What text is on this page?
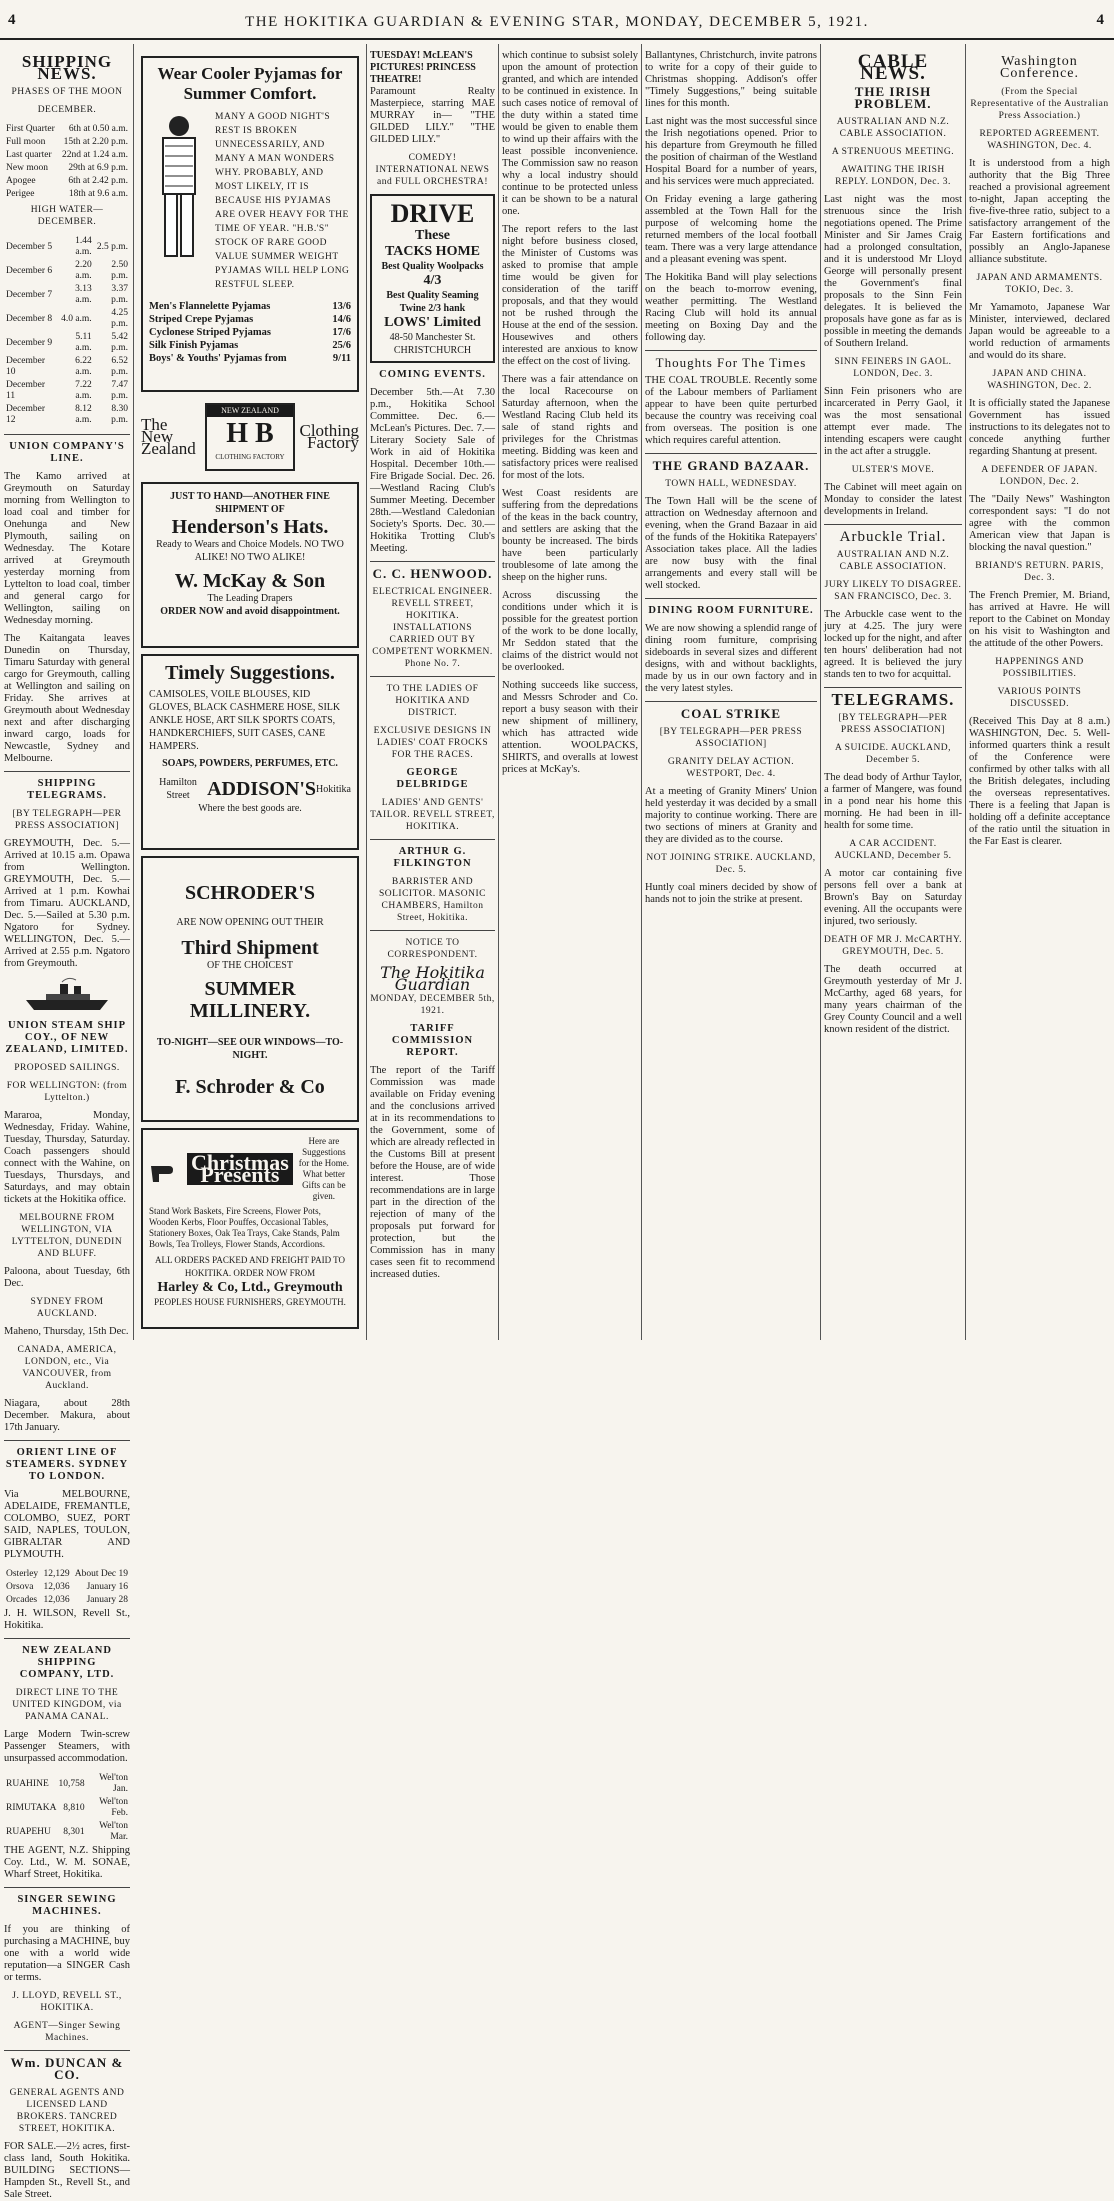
4	THE HOKITIKA GUARDIAN & EVENING STAR, MONDAY, DECEMBER 5, 1921.	4
SHIPPING NEWS.
PHASES OF THE MOON
DECEMBER.
First Quarter	6th at 0.50 a.m.
Full moon	15th at 2.20 p.m.
Last quarter	22nd at 1.24 a.m.
New moon	29th at 6.9 p.m.
Apogee	6th at 2.42 p.m.
Perigee	18th at 9.6 a.m.
HIGH WATER—DECEMBER.
December 5	1.44 a.m.	2.5 p.m.
December 6	2.20 a.m.	2.50 p.m.
December 7	3.13 a.m.	3.37 p.m.
December 8	4.0 a.m.	4.25 p.m.
December 9	5.11 a.m.	5.42 p.m.
December 10	6.22 a.m.	6.52 p.m.
December 11	7.22 a.m.	7.47 p.m.
December 12	8.12 a.m.	8.30 p.m.
UNION COMPANY'S LINE.

The Kamo arrived at Greymouth on Saturday morning from Wellington to load coal and timber for Onehunga and New Plymouth, sailing on Wednesday. The Kotare arrived at Greymouth yesterday morning from Lyttelton to load coal, timber and general cargo for Wellington, sailing on Wednesday morning.

The Kaitangata leaves Dunedin on Thursday, Timaru Saturday with general cargo for Greymouth, calling at Wellington and sailing on Friday. She arrives at Greymouth about Wednesday next and after discharging inward cargo, loads for Newcastle, Sydney and Melbourne.

SHIPPING TELEGRAMS.
[BY TELEGRAPH—PER PRESS ASSOCIATION]

GREYMOUTH, Dec. 5.—Arrived at 10.15 a.m. Opawa from Wellington. GREYMOUTH, Dec. 5.—Arrived at 1 p.m. Kowhai from Timaru. AUCKLAND, Dec. 5.—Sailed at 5.30 p.m. Ngatoro for Sydney. WELLINGTON, Dec. 5.—Arrived at 2.55 p.m. Ngatoro from Greymouth.

UNION STEAM SHIP COY., OF NEW ZEALAND, LIMITED.
PROPOSED SAILINGS.
FOR WELLINGTON: (from Lyttelton.)

Mararoa, Monday, Wednesday, Friday. Wahine, Tuesday, Thursday, Saturday. Coach passengers should connect with the Wahine, on Tuesdays, Thursdays, and Saturdays, and may obtain tickets at the Hokitika office.

MELBOURNE FROM WELLINGTON, VIA LYTTELTON, DUNEDIN AND BLUFF.

Paloona, about Tuesday, 6th Dec.

SYDNEY FROM AUCKLAND.

Maheno, Thursday, 15th Dec.

CANADA, AMERICA, LONDON, etc., Via VANCOUVER, from Auckland.

Niagara, about 28th December. Makura, about 17th January.

ORIENT LINE OF STEAMERS. SYDNEY TO LONDON.

Via MELBOURNE, ADELAIDE, FREMANTLE, COLOMBO, SUEZ, PORT SAID, NAPLES, TOULON, GIBRALTAR AND PLYMOUTH.

Osterley	12,129	About Dec 19
Orsova	12,036	January 16
Orcades	12,036	January 28

J. H. WILSON, Revell St., Hokitika.

NEW ZEALAND SHIPPING COMPANY, LTD.
DIRECT LINE TO THE UNITED KINGDOM, via PANAMA CANAL.

Large Modern Twin-screw Passenger Steamers, with unsurpassed accommodation.

RUAHINE	10,758	Wel'ton Jan.
RIMUTAKA	8,810	Wel'ton Feb.
RUAPEHU	8,301	Wel'ton Mar.

THE AGENT, N.Z. Shipping Coy. Ltd., W. M. SONAE, Wharf Street, Hokitika.

SINGER SEWING MACHINES.

If you are thinking of purchasing a MACHINE, buy one with a world wide reputation—a SINGER Cash or terms.

J. LLOYD, REVELL ST., HOKITIKA.
AGENT—Singer Sewing Machines.
Wm. DUNCAN & CO.
GENERAL AGENTS AND LICENSED LAND BROKERS. TANCRED STREET, HOKITIKA.

FOR SALE.—2½ acres, first-class land, South Hokitika. BUILDING SECTIONS—Hampden St., Revell St., and Sale Street.

Wear Cooler Pyjamas for Summer Comfort.
MANY A GOOD NIGHT'S REST IS BROKEN UNNECESSARILY, AND MANY A MAN WONDERS WHY. PROBABLY, AND MOST LIKELY, IT IS BECAUSE HIS PYJAMAS ARE OVER HEAVY FOR THE TIME OF YEAR. "H.B.'S" STOCK OF RARE GOOD VALUE SUMMER WEIGHT PYJAMAS WILL HELP LONG RESTFUL SLEEP.
Men's Flannelette Pyjamas	13/6
Striped Crepe Pyjamas	14/6
Cyclonese Striped Pyjamas	17/6
Silk Finish Pyjamas	25/6
Boys' & Youths' Pyjamas from	9/11
The New Zealand
NEW ZEALAND
H B
CLOTHING FACTORY
Clothing Factory
JUST TO HAND—ANOTHER FINE SHIPMENT OF
Henderson's Hats.
Ready to Wears and Choice Models. NO TWO ALIKE! NO TWO ALIKE!
W. McKay & Son
The Leading Drapers
ORDER NOW and avoid disappointment.
Timely Suggestions.
CAMISOLES, VOILE BLOUSES, KID GLOVES, BLACK CASHMERE HOSE, SILK ANKLE HOSE, ART SILK SPORTS COATS, HANDKERCHIEFS, SUIT CASES, CANE HAMPERS.
SOAPS, POWDERS, PERFUMES, ETC.
Hamilton Street ADDISON'S Hokitika
Where the best goods are.
SCHRODER'S
ARE NOW OPENING OUT THEIR
Third Shipment
OF THE CHOICEST
SUMMER MILLINERY.
TO-NIGHT—SEE OUR WINDOWS—TO-NIGHT.
F. Schroder & Co
Christmas Presents
Here are Suggestions for the Home. What better Gifts can be given.
Stand Work Baskets, Fire Screens, Flower Pots, Wooden Kerbs, Floor Pouffes, Occasional Tables, Stationery Boxes, Oak Tea Trays, Cake Stands, Palm Bowls, Tea Trolleys, Flower Stands, Accordions.
ALL ORDERS PACKED AND FREIGHT PAID TO HOKITIKA. ORDER NOW FROM
Harley & Co, Ltd., Greymouth
PEOPLES HOUSE FURNISHERS, GREYMOUTH.
TUESDAY! McLEAN'S PICTURES! PRINCESS THEATRE!

Paramount Realty Masterpiece, starring MAE MURRAY in— "THE GILDED LILY." "THE GILDED LILY."

COMEDY! INTERNATIONAL NEWS and FULL ORCHESTRA!
DRIVE
These
TACKS HOME
Best Quality Woolpacks
4/3
Best Quality Seaming Twine 2/3 hank
LOWS' Limited
48-50 Manchester St. CHRISTCHURCH
COMING EVENTS.

December 5th.—At 7.30 p.m., Hokitika School Committee. Dec. 6.—McLean's Pictures. Dec. 7.—Literary Society Sale of Work in aid of Hokitika Hospital. December 10th.—Fire Brigade Social. Dec. 26.—Westland Racing Club's Summer Meeting. December 28th.—Westland Caledonian Society's Sports. Dec. 30.—Hokitika Trotting Club's Meeting.

C. C. HENWOOD.
ELECTRICAL ENGINEER. REVELL STREET, HOKITIKA. INSTALLATIONS CARRIED OUT BY COMPETENT WORKMEN. Phone No. 7.
TO THE LADIES OF HOKITIKA AND DISTRICT.
EXCLUSIVE DESIGNS IN LADIES' COAT FROCKS FOR THE RACES.
GEORGE DELBRIDGE
LADIES' AND GENTS' TAILOR. REVELL STREET, HOKITIKA.
ARTHUR G. FILKINGTON
BARRISTER AND SOLICITOR. MASONIC CHAMBERS, Hamilton Street, Hokitika.
NOTICE TO CORRESPONDENT.
The Hokitika Guardian
MONDAY, DECEMBER 5th, 1921.
TARIFF COMMISSION REPORT.

The report of the Tariff Commission was made available on Friday evening and the conclusions arrived at in its recommendations to the Government, some of which are already reflected in the Customs Bill at present before the House, are of wide interest. Those recommendations are in large part in the direction of the rejection of many of the proposals put forward for protection, but the Commission has in many cases seen fit to recommend increased duties.

which continue to subsist solely upon the amount of protection granted, and which are intended to be continued in existence. In such cases notice of removal of the duty within a stated time would be given to enable them to wind up their affairs with the least possible inconvenience. The Commission saw no reason why a local industry should continue to be protected unless it can be shown to be a natural one.

The report refers to the last night before business closed, the Minister of Customs was asked to promise that ample time would be given for consideration of the tariff proposals, and that they would not be rushed through the House at the end of the session. Housewives and others interested are anxious to know the effect on the cost of living.

There was a fair attendance on the local Racecourse on Saturday afternoon, when the Westland Racing Club held its sale of stand rights and privileges for the Christmas meeting. Bidding was keen and satisfactory prices were realised for most of the lots.

West Coast residents are suffering from the depredations of the keas in the back country, and settlers are asking that the bounty be increased. The birds have been particularly troublesome of late among the sheep on the higher runs.

Across discussing the conditions under which it is possible for the greatest portion of the work to be done locally, Mr Seddon stated that the claims of the district would not be overlooked.

Nothing succeeds like success, and Messrs Schroder and Co. report a busy season with their new shipment of millinery, which has attracted wide attention. WOOLPACKS, SHIRTS, and overalls at lowest prices at McKay's.

Ballantynes, Christchurch, invite patrons to write for a copy of their guide to Christmas shopping. Addison's offer "Timely Suggestions," being suitable lines for this month.

Last night was the most successful since the Irish negotiations opened. Prior to his departure from Greymouth he filled the position of chairman of the Westland Hospital Board for a number of years, and his services were much appreciated.

On Friday evening a large gathering assembled at the Town Hall for the purpose of welcoming home the returned members of the local football team. There was a very large attendance and a pleasant evening was spent.

The Hokitika Band will play selections on the beach to-morrow evening, weather permitting. The Westland Racing Club will hold its annual meeting on Boxing Day and the following day.

Thoughts For The Times

THE COAL TROUBLE. Recently some of the Labour members of Parliament appear to have been quite perturbed because the country was receiving coal from overseas. The position is one which requires careful attention.

THE GRAND BAZAAR.
TOWN HALL, WEDNESDAY.

The Town Hall will be the scene of attraction on Wednesday afternoon and evening, when the Grand Bazaar in aid of the funds of the Hokitika Ratepayers' Association takes place. All the ladies are now busy with the final arrangements and every stall will be well stocked.

DINING ROOM FURNITURE.

We are now showing a splendid range of dining room furniture, comprising sideboards in several sizes and different designs, with and without backlights, made by us in our own factory and in the very latest styles.

COAL STRIKE
[BY TELEGRAPH—PER PRESS ASSOCIATION]
GRANITY DELAY ACTION. WESTPORT, Dec. 4.

At a meeting of Granity Miners' Union held yesterday it was decided by a small majority to continue working. There are two sections of miners at Granity and they are divided as to the course.

NOT JOINING STRIKE. AUCKLAND, Dec. 5.

Huntly coal miners decided by show of hands not to join the strike at present.

CABLE NEWS.
THE IRISH PROBLEM.
AUSTRALIAN AND N.Z. CABLE ASSOCIATION.
A STRENUOUS MEETING.
AWAITING THE IRISH REPLY. LONDON, Dec. 3.

Last night was the most strenuous since the Irish negotiations opened. The Prime Minister and Sir James Craig had a prolonged consultation, and it is understood Mr Lloyd George will personally present the Government's final proposals to the Sinn Fein delegates. It is believed the proposals have gone as far as is possible in meeting the demands of Southern Ireland.

SINN FEINERS IN GAOL. LONDON, Dec. 3.

Sinn Fein prisoners who are incarcerated in Perry Gaol, it was the most sensational attempt ever made. The intending escapers were caught in the act after a struggle.

ULSTER'S MOVE.

The Cabinet will meet again on Monday to consider the latest developments in Ireland.

Arbuckle Trial.
AUSTRALIAN AND N.Z. CABLE ASSOCIATION.
JURY LIKELY TO DISAGREE. SAN FRANCISCO, Dec. 3.

The Arbuckle case went to the jury at 4.25. The jury were locked up for the night, and after ten hours' deliberation had not agreed. It is believed the jury stands ten to two for acquittal.

TELEGRAMS.
[BY TELEGRAPH—PER PRESS ASSOCIATION]
A SUICIDE. AUCKLAND, December 5.

The dead body of Arthur Taylor, a farmer of Mangere, was found in a pond near his home this morning. He had been in ill-health for some time.

A CAR ACCIDENT. AUCKLAND, December 5.

A motor car containing five persons fell over a bank at Brown's Bay on Saturday evening. All the occupants were injured, two seriously.

DEATH OF MR J. McCARTHY. GREYMOUTH, Dec. 5.

The death occurred at Greymouth yesterday of Mr J. McCarthy, aged 68 years, for many years chairman of the Grey County Council and a well known resident of the district.

Washington Conference.
(From the Special Representative of the Australian Press Association.)
REPORTED AGREEMENT. WASHINGTON, Dec. 4.

It is understood from a high authority that the Big Three reached a provisional agreement to-night, Japan accepting the five-five-three ratio, subject to a satisfactory arrangement of the Far Eastern fortifications and possibly an Anglo-Japanese alliance substitute.

JAPAN AND ARMAMENTS. TOKIO, Dec. 3.

Mr Yamamoto, Japanese War Minister, interviewed, declared Japan would be agreeable to a world reduction of armaments and would do its share.

JAPAN AND CHINA. WASHINGTON, Dec. 2.

It is officially stated the Japanese Government has issued instructions to its delegates not to concede anything further regarding Shantung at present.

A DEFENDER OF JAPAN. LONDON, Dec. 2.

The "Daily News" Washington correspondent says: "I do not agree with the common American view that Japan is blocking the naval question."

BRIAND'S RETURN. PARIS, Dec. 3.

The French Premier, M. Briand, has arrived at Havre. He will report to the Cabinet on Monday on his visit to Washington and the attitude of the other Powers.

HAPPENINGS AND POSSIBILITIES.
VARIOUS POINTS DISCUSSED.

(Received This Day at 8 a.m.) WASHINGTON, Dec. 5. Well-informed quarters think a result of the Conference were confirmed by other talks with all the British delegates, including the overseas representatives. There is a feeling that Japan is holding off a definite acceptance of the ratio until the situation in the Far East is clearer.
